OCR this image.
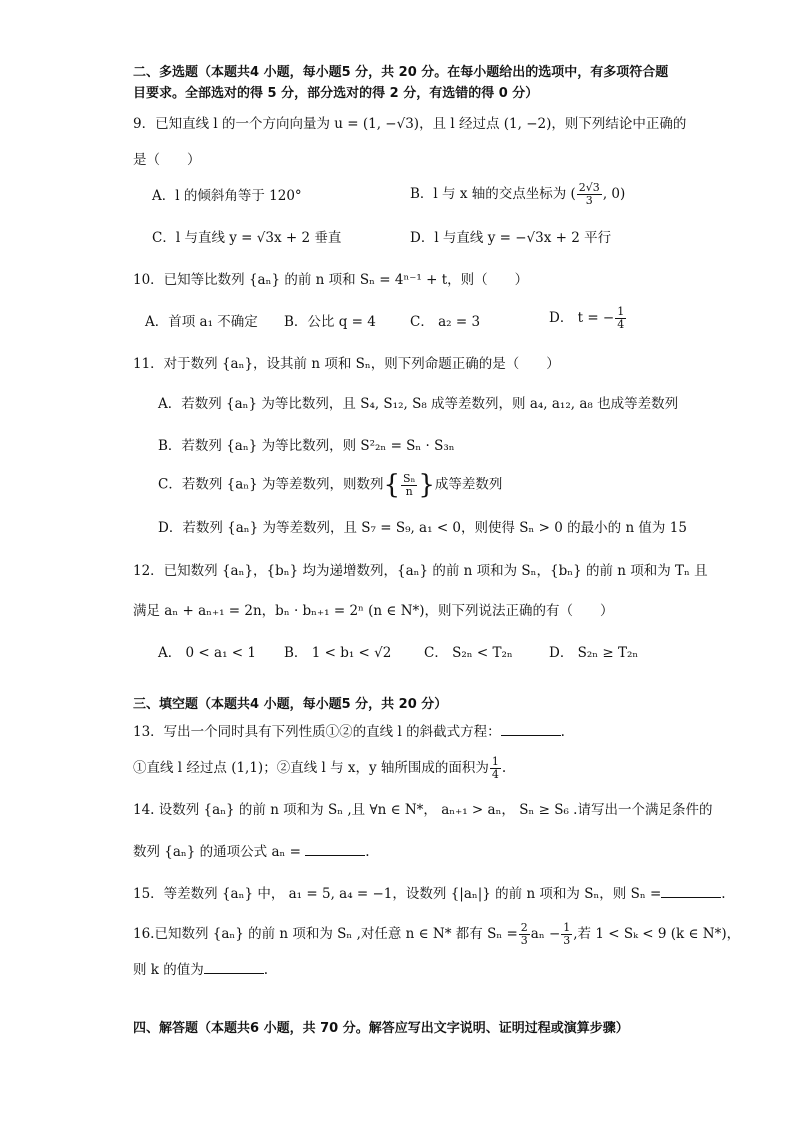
二、多选题（本题共4 小题，每小题5 分，共 20 分。在每小题给出的选项中，有多项符合题目要求。全部选对的得 5 分，部分选对的得 2 分，有选错的得 0 分）
9．已知直线 l 的一个方向向量为 u = (1, −√3)，且 l 经过点 (1, −2)，则下列结论中正确的
是（　　）
A．l 的倾斜角等于 120°	B．l 与 x 轴的交点坐标为 ( $\frac{2√3}{3}$ , 0)
C．l 与直线 y = √3x + 2 垂直	D．l 与直线 y = −√3x + 2 平行
10．已知等比数列 {aₙ} 的前 n 项和 Sₙ = 4ⁿ⁻¹ + t，则（　　）
A．首项 a₁ 不确定 B．公比 q = 4	C． a₂ = 3	D． t = − $\frac{1}{4}$
11．对于数列 {aₙ}，设其前 n 项和 Sₙ，则下列命题正确的是（　　）
A．若数列 {aₙ} 为等比数列，且 S₄, S₁₂, S₈ 成等差数列，则 a₄, a₁₂, a₈ 也成等差数列
B．若数列 {aₙ} 为等比数列，则 S²₂ₙ = Sₙ · S₃ₙ
C．若数列 {aₙ} 为等差数列，则数列{ $\frac{\text{Sₙ}}{n}$ }成等差数列
D．若数列 {aₙ} 为等差数列，且 S₇ = S₉, a₁ < 0，则使得 Sₙ > 0 的最小的 n 值为 15
12．已知数列 {aₙ}，{bₙ} 均为递增数列，{aₙ} 的前 n 项和为 Sₙ，{bₙ} 的前 n 项和为 Tₙ 且
满足 aₙ + aₙ₊₁ = 2n，bₙ · bₙ₊₁ = 2ⁿ (n ∈ N*)，则下列说法正确的有（　　）
A． 0 < a₁ < 1 B． 1 < b₁ < √2 C． S₂ₙ < T₂ₙ	D． S₂ₙ ≥ T₂ₙ
三、填空题（本题共4 小题，每小题5 分，共 20 分）
13．写出一个同时具有下列性质①②的直线 l 的斜截式方程：	.
①直线 l 经过点 (1,1)；②直线 l 与 x，y 轴所围成的面积为 $\frac{1}{4}$ .
14. 设数列 {aₙ} 的前 n 项和为 Sₙ ,且 ∀n ∈ N*， aₙ₊₁ > aₙ， Sₙ ≥ S₆ .请写出一个满足条件的
数列 {aₙ} 的通项公式 aₙ =	.
15．等差数列 {aₙ} 中， a₁ = 5, a₄ = −1，设数列 {|aₙ|} 的前 n 项和为 Sₙ，则 Sₙ =	.
16.已知数列 {aₙ} 的前 n 项和为 Sₙ ,对任意 n ∈ N* 都有 $S_n = \frac{2}{3}$ $a_n - \frac{1}{3}$ ,若 1 < Sₖ < 9 (k ∈ N*)，
则 k 的值为	.
四、解答题（本题共6 小题，共 70 分。解答应写出文字说明、证明过程或演算步骤）
